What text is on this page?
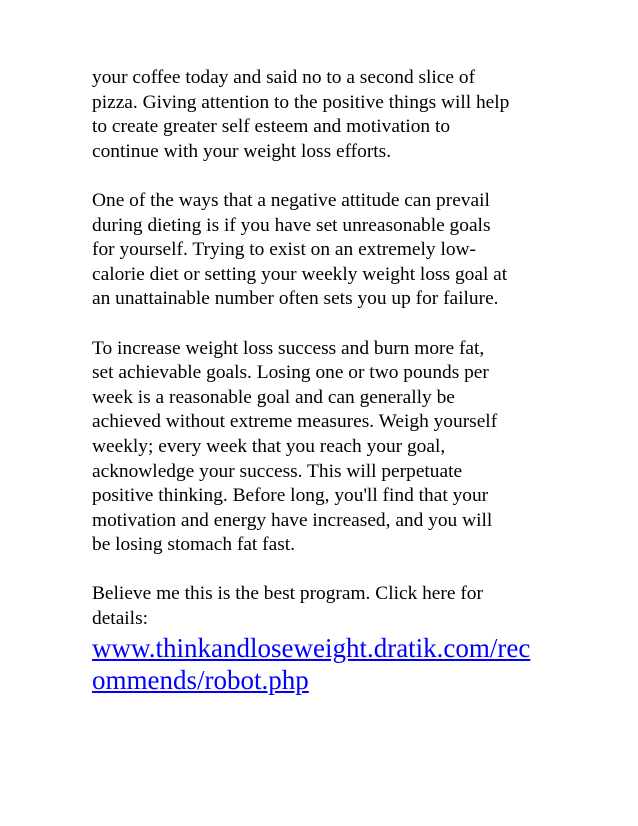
your coffee today and said no to a second slice of
pizza. Giving attention to the positive things will help
to create greater self esteem and motivation to
continue with your weight loss efforts.
One of the ways that a negative attitude can prevail
during dieting is if you have set unreasonable goals
for yourself. Trying to exist on an extremely low-
calorie diet or setting your weekly weight loss goal at
an unattainable number often sets you up for failure.
To increase weight loss success and burn more fat,
set achievable goals. Losing one or two pounds per
week is a reasonable goal and can generally be
achieved without extreme measures. Weigh yourself
weekly; every week that you reach your goal,
acknowledge your success. This will perpetuate
positive thinking. Before long, you'll find that your
motivation and energy have increased, and you will
be losing stomach fat fast.
Believe me this is the best program. Click here for
details:
www.thinkandloseweight.dratik.com/rec
ommends/robot.php
